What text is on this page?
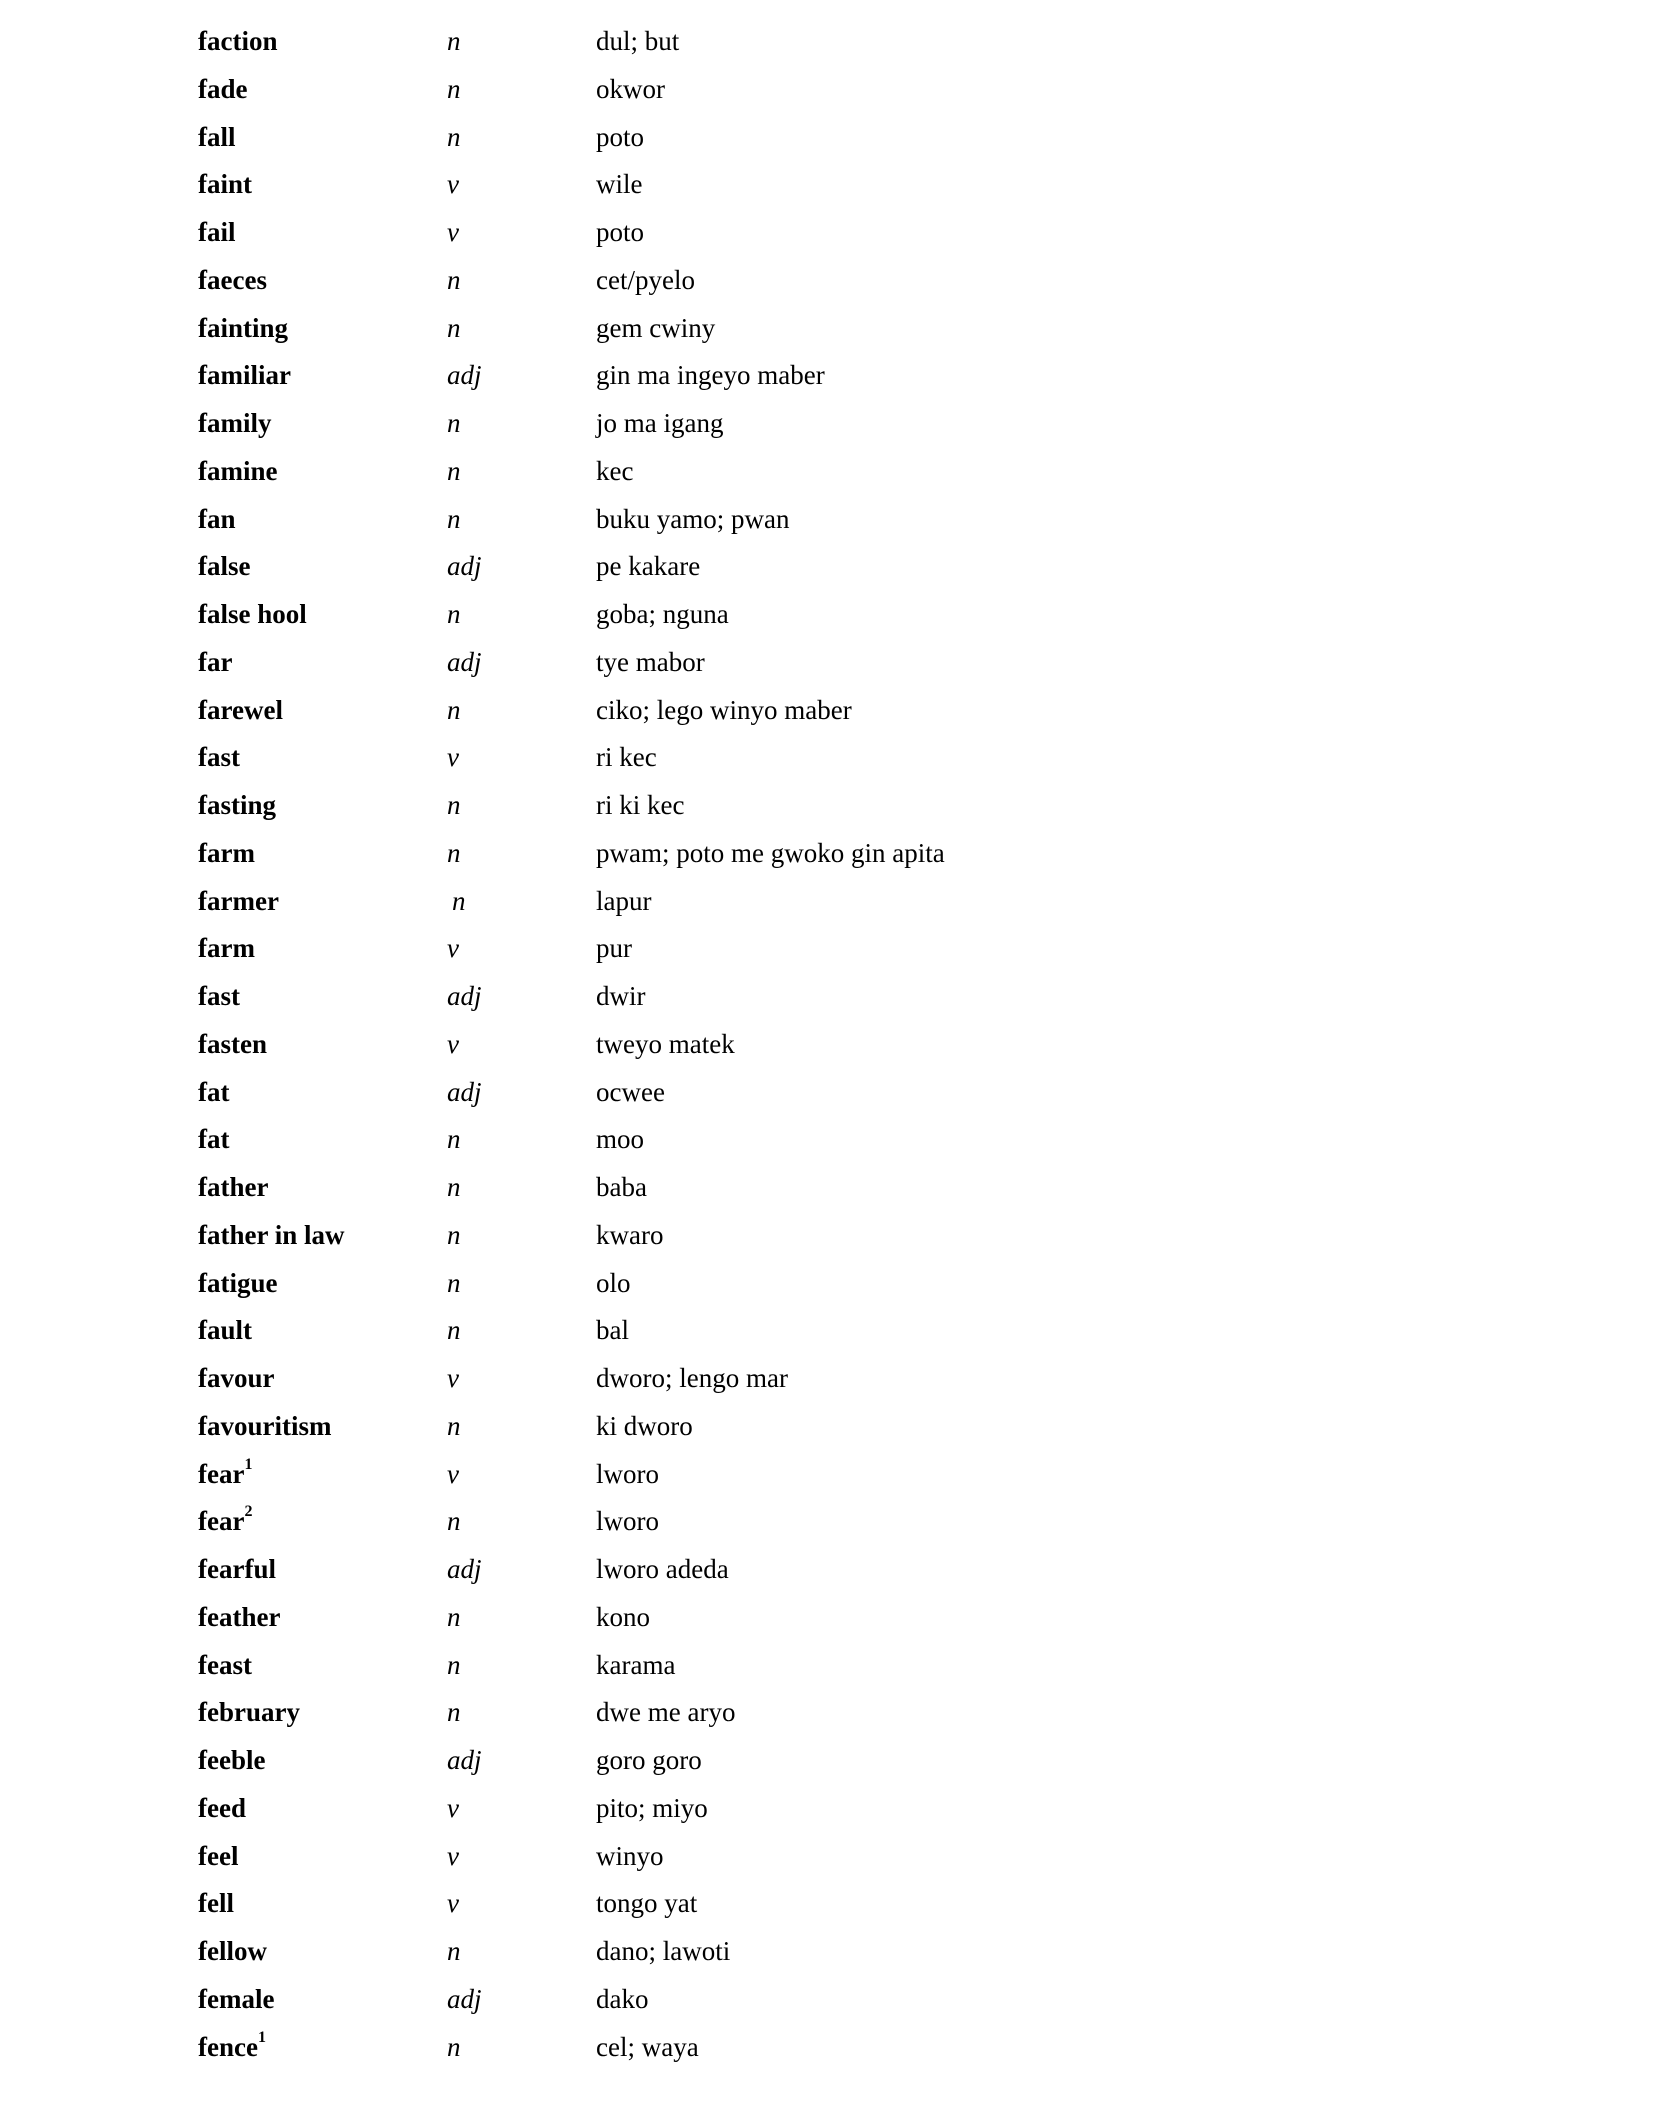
faction	n	dul; but
fade	n	okwor
fall	n	poto
faint	v	wile
fail	v	poto
faeces	n	cet/pyelo
fainting	n	gem cwiny
familiar	adj	gin ma ingeyo maber
family	n	jo ma igang
famine	n	kec
fan	n	buku yamo; pwan
false	adj	pe kakare
false hool	n	goba; nguna
far	adj	tye mabor
farewel	n	ciko; lego winyo maber
fast	v	ri kec
fasting	n	ri ki kec
farm	n	pwam; poto me gwoko gin apita
farmer	n	lapur
farm	v	pur
fast	adj	dwir
fasten	v	tweyo matek
fat	adj	ocwee
fat	n	moo
father	n	baba
father in law	n	kwaro
fatigue	n	olo
fault	n	bal
favour	v	dworo; lengo mar
favouritism	n	ki dworo
fear$^1$	v	lworo
fear$^2$	n	lworo
fearful	adj	lworo adeda
feather	n	kono
feast	n	karama
february	n	dwe me aryo
feeble	adj	goro goro
feed	v	pito; miyo
feel	v	winyo
fell	v	tongo yat
fellow	n	dano; lawoti
female	adj	dako
fence$^1$	n	cel; waya
